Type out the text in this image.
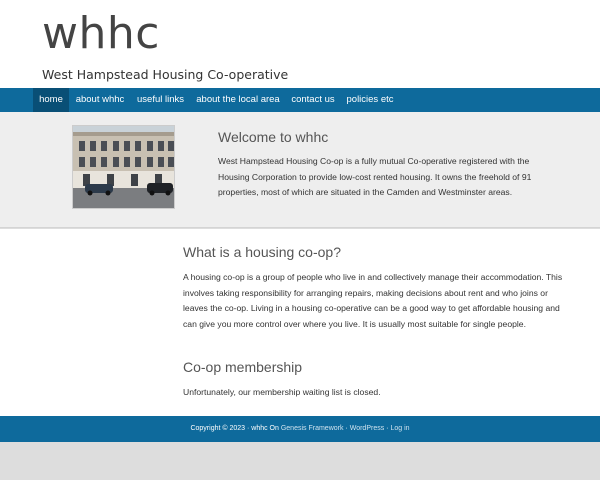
whhc
West Hampstead Housing Co-operative
home	about whhc	useful links	about the local area	contact us	policies etc
Welcome to whhc
West Hampstead Housing Co-op is a fully mutual Co-operative registered with the Housing Corporation to provide low-cost rented housing. It owns the freehold of 91 properties, most of which are situated in the Camden and Westminster areas.
What is a housing co-op?
A housing co-op is a group of people who live in and collectively manage their accommodation. This involves taking responsibility for arranging repairs, making decisions about rent and who joins or leaves the co-op. Living in a housing co-operative can be a good way to get affordable housing and can give you more control over where you live. It is usually most suitable for single people.
Co-op membership
Unfortunately, our membership waiting list is closed.
Copyright © 2023 · whhc On Genesis Framework · WordPress · Log in
